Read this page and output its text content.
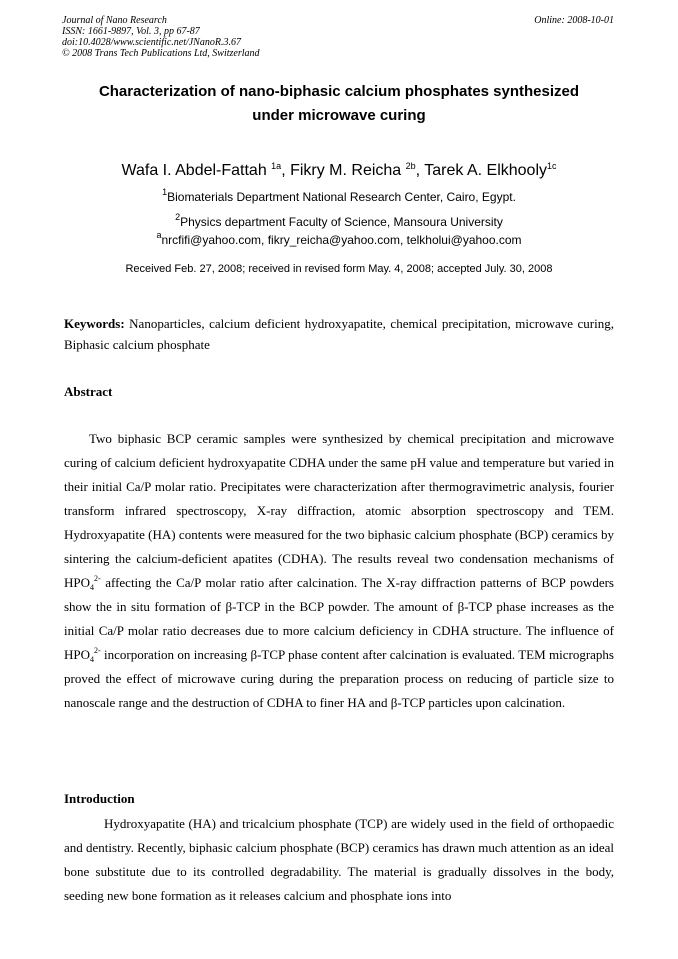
Journal of Nano Research
ISSN: 1661-9897, Vol. 3, pp 67-87
doi:10.4028/www.scientific.net/JNanoR.3.67
© 2008 Trans Tech Publications Ltd, Switzerland
Online: 2008-10-01
Characterization of nano-biphasic calcium phosphates synthesized
under microwave curing
Wafa I. Abdel-Fattah $^{1a}$, Fikry M. Reicha $^{2b}$, Tarek A. Elkhooly$^{1c}$
$^1$Biomaterials Department National Research Center, Cairo, Egypt.
$^2$Physics department Faculty of Science, Mansoura University
$^a$nrcfifi@yahoo.com, fikry_reicha@yahoo.com, telkholui@yahoo.com
Received Feb. 27, 2008; received in revised form May. 4, 2008; accepted July. 30, 2008
Keywords: Nanoparticles, calcium deficient hydroxyapatite, chemical precipitation, microwave curing, Biphasic calcium phosphate
Abstract
Two biphasic BCP ceramic samples were synthesized by chemical precipitation and microwave curing of calcium deficient hydroxyapatite CDHA under the same pH value and temperature but varied in their initial Ca/P molar ratio. Precipitates were characterization after thermogravimetric analysis, fourier transform infrared spectroscopy, X-ray diffraction, atomic absorption spectroscopy and TEM. Hydroxyapatite (HA) contents were measured for the two biphasic calcium phosphate (BCP) ceramics by sintering the calcium-deficient apatites (CDHA). The results reveal two condensation mechanisms of $HPO_4^{2-}$ affecting the Ca/P molar ratio after calcination. The X-ray diffraction patterns of BCP powders show the in situ formation of β-TCP in the BCP powder. The amount of β-TCP phase increases as the initial Ca/P molar ratio decreases due to more calcium deficiency in CDHA structure. The influence of $HPO_4^{2-}$ incorporation on increasing β-TCP phase content after calcination is evaluated. TEM micrographs proved the effect of microwave curing during the preparation process on reducing of particle size to nanoscale range and the destruction of CDHA to finer HA and β-TCP particles upon calcination.
Introduction
Hydroxyapatite (HA) and tricalcium phosphate (TCP) are widely used in the field of orthopaedic and dentistry. Recently, biphasic calcium phosphate (BCP) ceramics has drawn much attention as an ideal bone substitute due to its controlled degradability. The material is gradually dissolves in the body, seeding new bone formation as it releases calcium and phosphate ions into
